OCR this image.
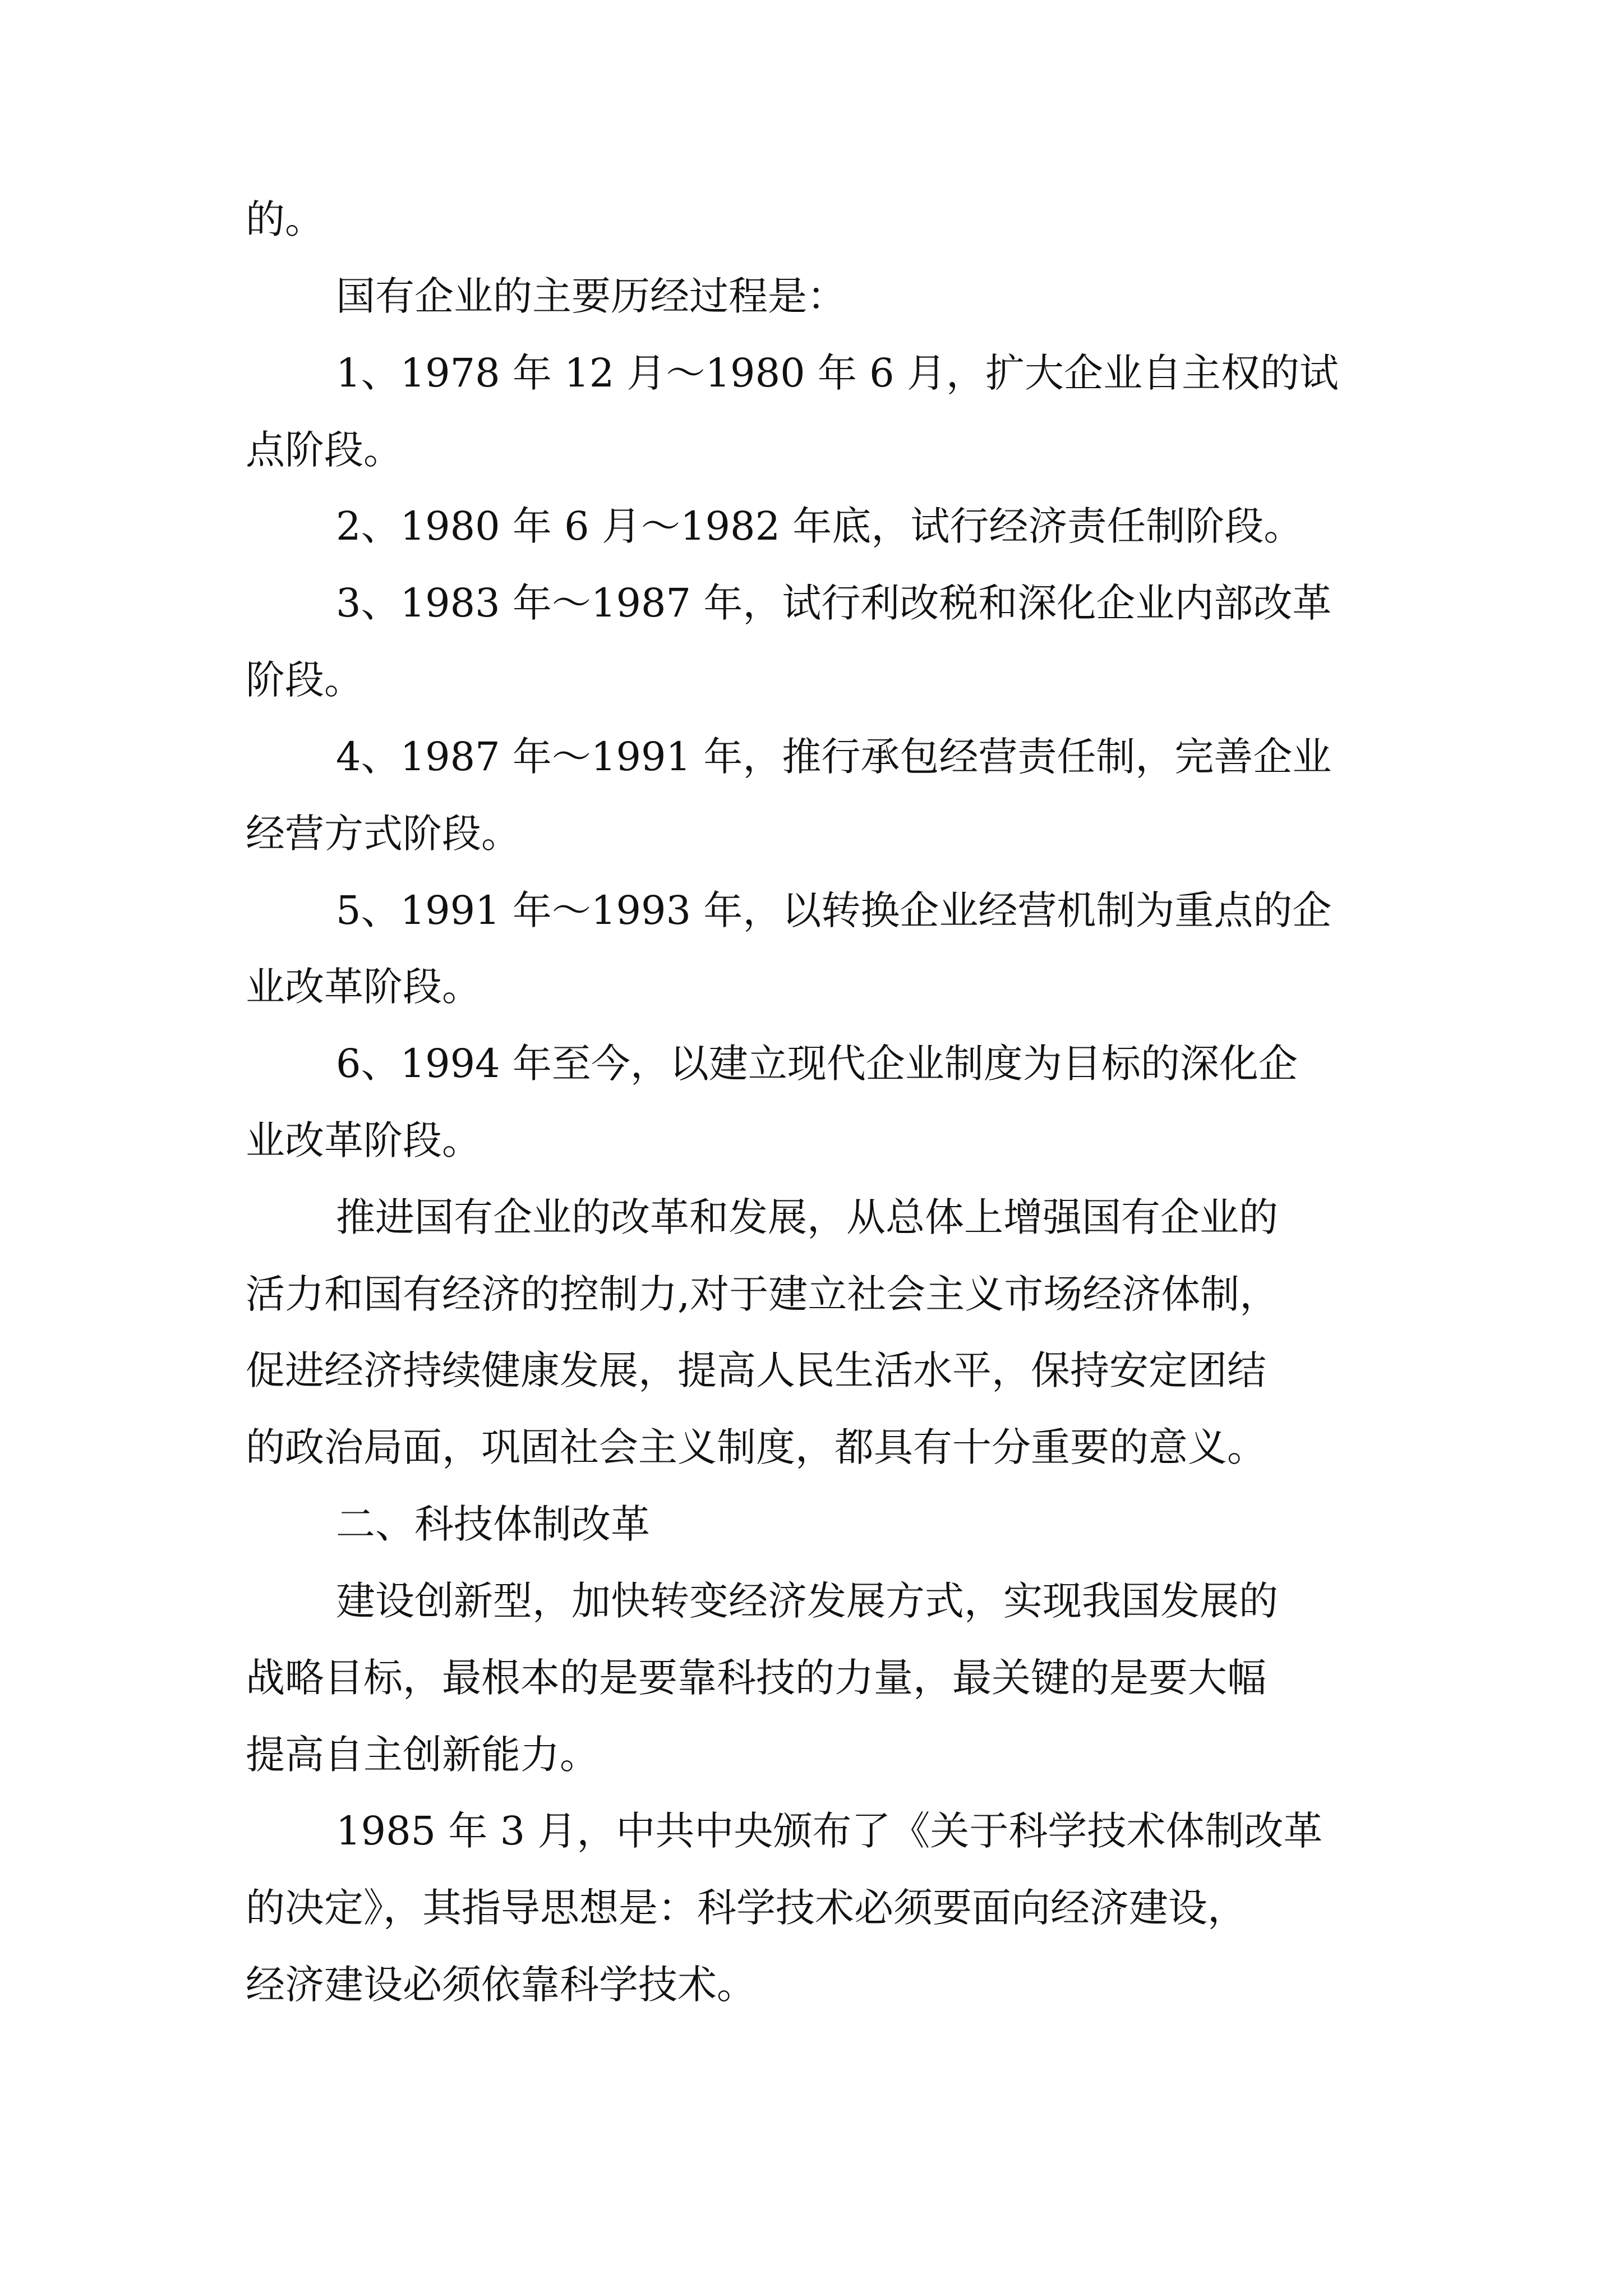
的。
国有企业的主要历经过程是：
1、1978 年 12 月～1980 年 6 月，扩大企业自主权的试
点阶段。
2、1980 年 6 月～1982 年底，试行经济责任制阶段。
3、1983 年～1987 年，试行利改税和深化企业内部改革
阶段。
4、1987 年～1991 年，推行承包经营责任制，完善企业
经营方式阶段。
5、1991 年～1993 年，以转换企业经营机制为重点的企
业改革阶段。
6、1994 年至今，以建立现代企业制度为目标的深化企
业改革阶段。
推进国有企业的改革和发展，从总体上增强国有企业的
活力和国有经济的控制力,对于建立社会主义市场经济体制，
促进经济持续健康发展，提高人民生活水平，保持安定团结
的政治局面，巩固社会主义制度，都具有十分重要的意义。
二、科技体制改革
建设创新型，加快转变经济发展方式，实现我国发展的
战略目标，最根本的是要靠科技的力量，最关键的是要大幅
提高自主创新能力。
1985 年 3 月，中共中央颁布了《关于科学技术体制改革
的决定》，其指导思想是：科学技术必须要面向经济建设，
经济建设必须依靠科学技术。
